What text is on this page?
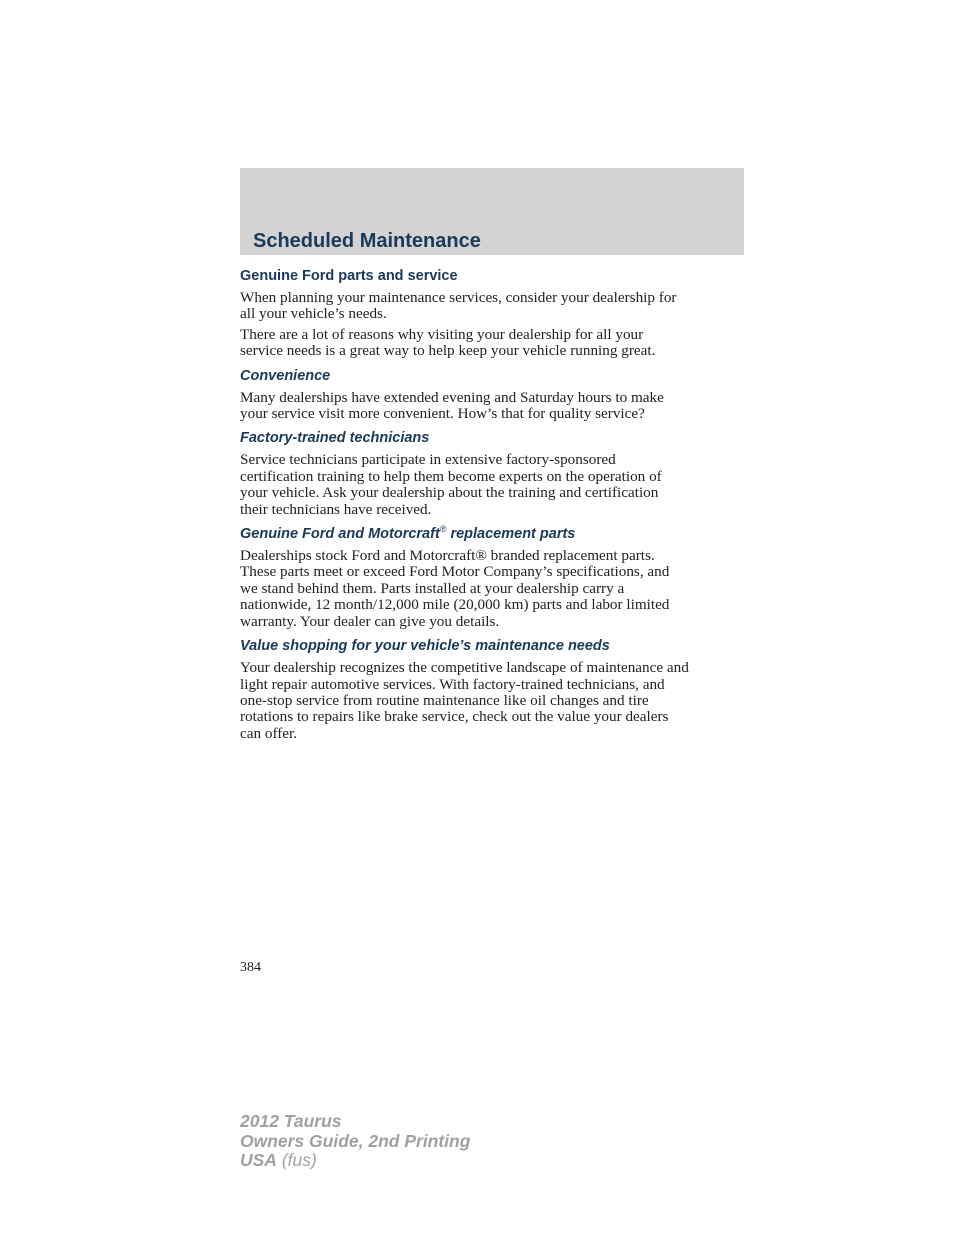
Scheduled Maintenance
Genuine Ford parts and service

When planning your maintenance services, consider your dealership for
all your vehicle’s needs.

There are a lot of reasons why visiting your dealership for all your
service needs is a great way to help keep your vehicle running great.

Convenience

Many dealerships have extended evening and Saturday hours to make
your service visit more convenient. How’s that for quality service?

Factory-trained technicians

Service technicians participate in extensive factory-sponsored
certification training to help them become experts on the operation of
your vehicle. Ask your dealership about the training and certification
their technicians have received.

Genuine Ford and Motorcraft® replacement parts

Dealerships stock Ford and Motorcraft® branded replacement parts.
These parts meet or exceed Ford Motor Company’s specifications, and
we stand behind them. Parts installed at your dealership carry a
nationwide, 12 month/12,000 mile (20,000 km) parts and labor limited
warranty. Your dealer can give you details.

Value shopping for your vehicle’s maintenance needs

Your dealership recognizes the competitive landscape of maintenance and
light repair automotive services. With factory-trained technicians, and
one-stop service from routine maintenance like oil changes and tire
rotations to repairs like brake service, check out the value your dealers
can offer.

384
2012 Taurus
Owners Guide, 2nd Printing
USA (fus)
